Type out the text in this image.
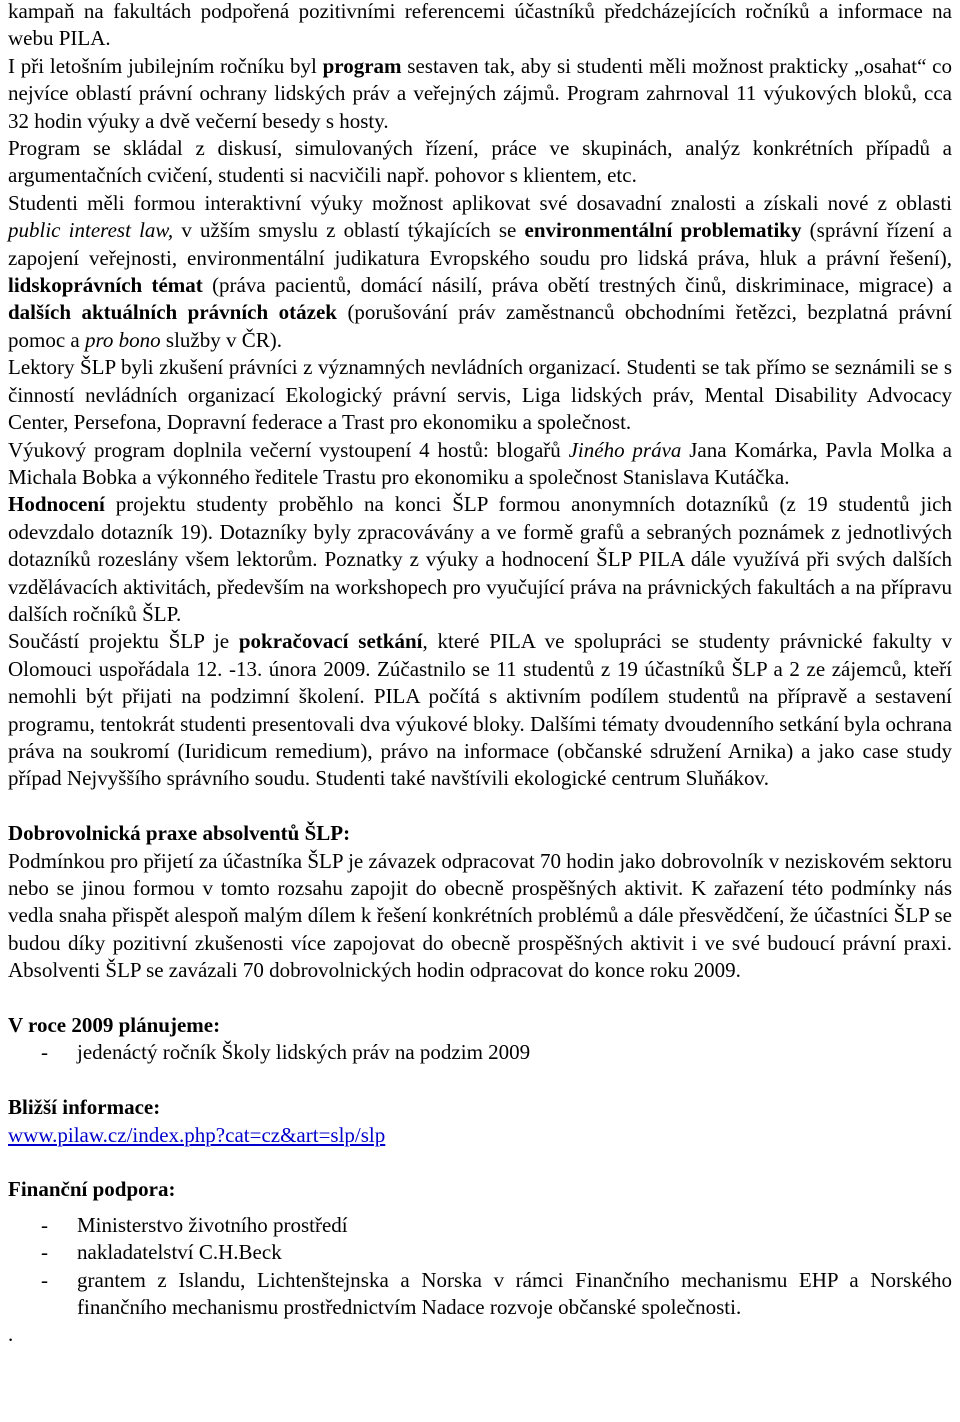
kampaň na fakultách podpořená pozitivními referencemi účastníků předcházejících ročníků a informace na webu PILA.

I při letošním jubilejním ročníku byl program sestaven tak, aby si studenti měli možnost prakticky „osahat“ co nejvíce oblastí právní ochrany lidských práv a veřejných zájmů. Program zahrnoval 11 výukových bloků, cca 32 hodin výuky a dvě večerní besedy s hosty.

Program se skládal z diskusí, simulovaných řízení, práce ve skupinách, analýz konkrétních případů a argumentačních cvičení, studenti si nacvičili např. pohovor s klientem, etc.

Studenti měli formou interaktivní výuky možnost aplikovat své dosavadní znalosti a získali nové z oblasti public interest law, v užším smyslu z oblastí týkajících se environmentální problematiky (správní řízení a zapojení veřejnosti, environmentální judikatura Evropského soudu pro lidská práva, hluk a právní řešení), lidskoprávních témat (práva pacientů, domácí násilí, práva obětí trestných činů, diskriminace, migrace) a dalších aktuálních právních otázek (porušování práv zaměstnanců obchodními řetězci, bezplatná právní pomoc a pro bono služby v ČR).

Lektory ŠLP byli zkušení právníci z významných nevládních organizací. Studenti se tak přímo se seznámili se s činností nevládních organizací Ekologický právní servis, Liga lidských práv, Mental Disability Advocacy Center, Persefona, Dopravní federace a Trast pro ekonomiku a společnost.

Výukový program doplnila večerní vystoupení 4 hostů: blogařů Jiného práva Jana Komárka, Pavla Molka a Michala Bobka a výkonného ředitele Trastu pro ekonomiku a společnost Stanislava Kutáčka.

Hodnocení projektu studenty proběhlo na konci ŠLP formou anonymních dotazníků (z 19 studentů jich odevzdalo dotazník 19). Dotazníky byly zpracovávány a ve formě grafů a sebraných poznámek z jednotlivých dotazníků rozeslány všem lektorům. Poznatky z výuky a hodnocení ŠLP PILA dále využívá při svých dalších vzdělávacích aktivitách, především na workshopech pro vyučující práva na právnických fakultách a na přípravu dalších ročníků ŠLP.

Součástí projektu ŠLP je pokračovací setkání, které PILA ve spolupráci se studenty právnické fakulty v Olomouci uspořádala 12. -13. února 2009. Zúčastnilo se 11 studentů z 19 účastníků ŠLP a 2 ze zájemců, kteří nemohli být přijati na podzimní školení. PILA počítá s aktivním podílem studentů na přípravě a sestavení programu, tentokrát studenti presentovali dva výukové bloky. Dalšími tématy dvoudenního setkání byla ochrana práva na soukromí (Iuridicum remedium), právo na informace (občanské sdružení Arnika) a jako case study případ Nejvyššího správního soudu. Studenti také navštívili ekologické centrum Sluňákov.

Dobrovolnická praxe absolventů ŠLP:

Podmínkou pro přijetí za účastníka ŠLP je závazek odpracovat 70 hodin jako dobrovolník v neziskovém sektoru nebo se jinou formou v tomto rozsahu zapojit do obecně prospěšných aktivit. K zařazení této podmínky nás vedla snaha přispět alespoň malým dílem k řešení konkrétních problémů a dále přesvědčení, že účastníci ŠLP se budou díky pozitivní zkušenosti více zapojovat do obecně prospěšných aktivit i ve své budoucí právní praxi. Absolventi ŠLP se zavázali 70 dobrovolnických hodin odpracovat do konce roku 2009.

V roce 2009 plánujeme:

- jedenáctý ročník Školy lidských práv na podzim 2009

Bližší informace:

www.pilaw.cz/index.php?cat=cz&art=slp/slp

Finanční podpora:

- Ministerstvo životního prostředí
- nakladatelství C.H.Beck
- grantem z Islandu, Lichtenštejnska a Norska v rámci Finančního mechanismu EHP a Norského finančního mechanismu prostřednictvím Nadace rozvoje občanské společnosti.

.
